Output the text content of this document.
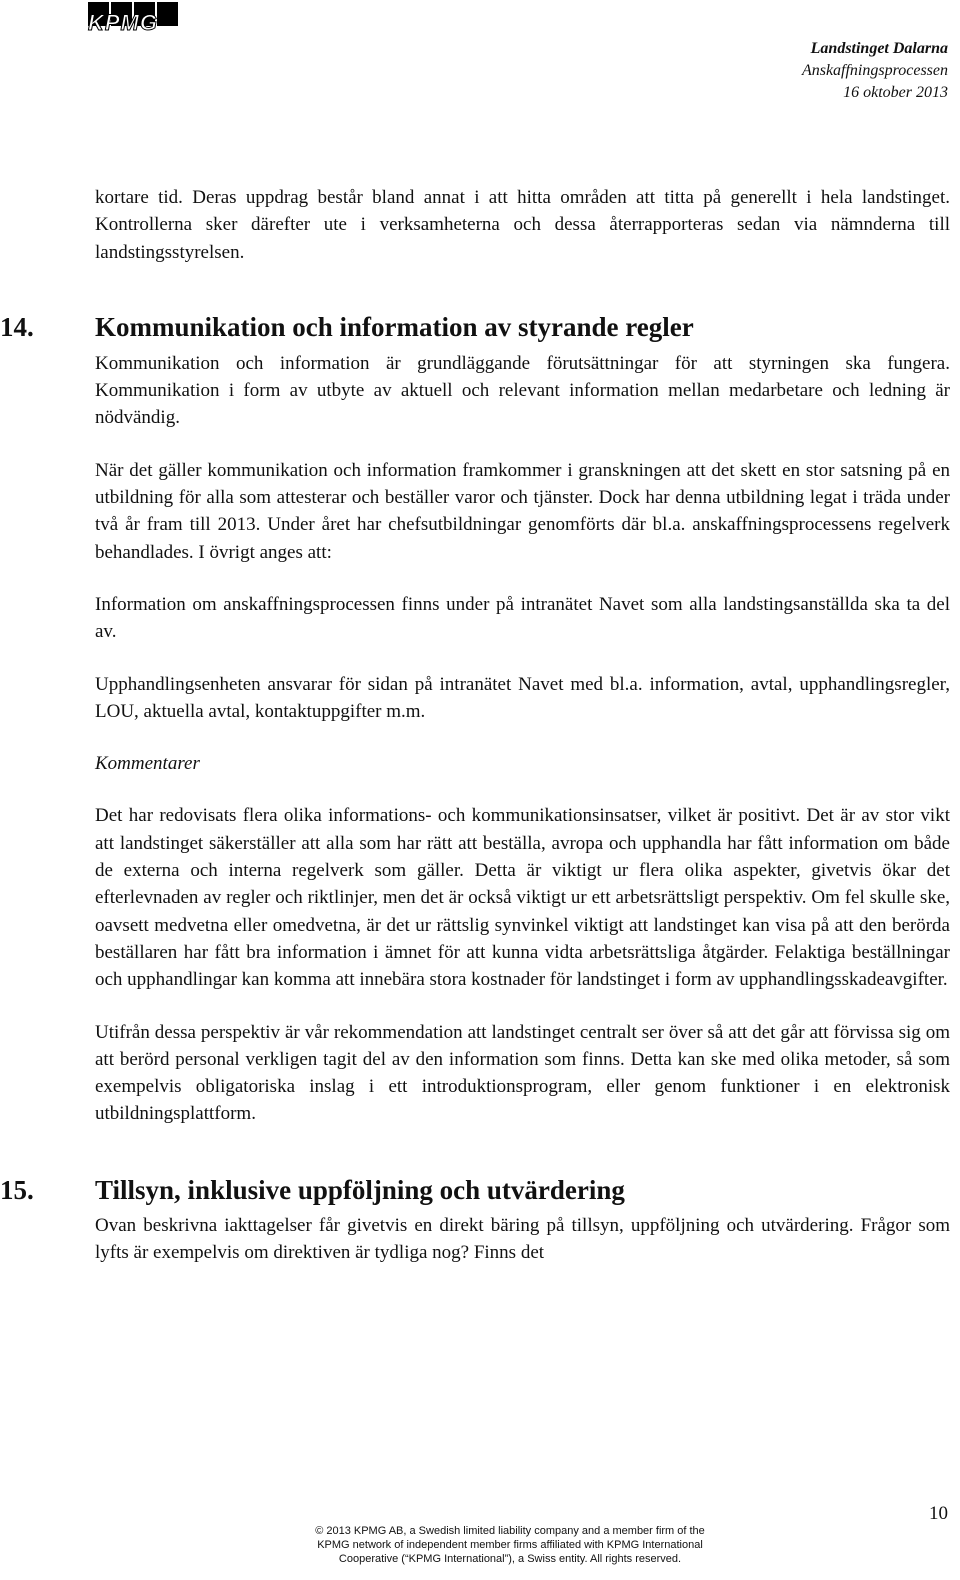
KPMG
Landstinget Dalarna
Anskaffningsprocessen
16 oktober 2013

kortare tid. Deras uppdrag består bland annat i att hitta områden att titta på generellt i hela landstinget. Kontrollerna sker därefter ute i verksamheterna och dessa återrapporteras sedan via nämnderna till landstingsstyrelsen.

14. Kommunikation och information av styrande regler

Kommunikation och information är grundläggande förutsättningar för att styrningen ska fungera. Kommunikation i form av utbyte av aktuell och relevant information mellan medarbetare och ledning är nödvändig.

När det gäller kommunikation och information framkommer i granskningen att det skett en stor satsning på en utbildning för alla som attesterar och beställer varor och tjänster. Dock har denna utbildning legat i träda under två år fram till 2013. Under året har chefsutbildningar genomförts där bl.a. anskaffningsprocessens regelverk behandlades. I övrigt anges att:

Information om anskaffningsprocessen finns under på intranätet Navet som alla landstingsanställda ska ta del av.

Upphandlingsenheten ansvarar för sidan på intranätet Navet med bl.a. information, avtal, upphandlingsregler, LOU, aktuella avtal, kontaktuppgifter m.m.

Kommentarer

Det har redovisats flera olika informations- och kommunikationsinsatser, vilket är positivt. Det är av stor vikt att landstinget säkerställer att alla som har rätt att beställa, avropa och upphandla har fått information om både de externa och interna regelverk som gäller. Detta är viktigt ur flera olika aspekter, givetvis ökar det efterlevnaden av regler och riktlinjer, men det är också viktigt ur ett arbetsrättsligt perspektiv. Om fel skulle ske, oavsett medvetna eller omedvetna, är det ur rättslig synvinkel viktigt att landstinget kan visa på att den berörda beställaren har fått bra information i ämnet för att kunna vidta arbetsrättsliga åtgärder. Felaktiga beställningar och upphandlingar kan komma att innebära stora kostnader för landstinget i form av upphandlingsskadeavgifter.

Utifrån dessa perspektiv är vår rekommendation att landstinget centralt ser över så att det går att förvissa sig om att berörd personal verkligen tagit del av den information som finns. Detta kan ske med olika metoder, så som exempelvis obligatoriska inslag i ett introduktionsprogram, eller genom funktioner i en elektronisk utbildningsplattform.

15. Tillsyn, inklusive uppföljning och utvärdering

Ovan beskrivna iakttagelser får givetvis en direkt bäring på tillsyn, uppföljning och utvärdering. Frågor som lyfts är exempelvis om direktiven är tydliga nog? Finns det

10
© 2013 KPMG AB, a Swedish limited liability company and a member firm of the
KPMG network of independent member firms affiliated with KPMG International
Cooperative (“KPMG International”), a Swiss entity. All rights reserved.
